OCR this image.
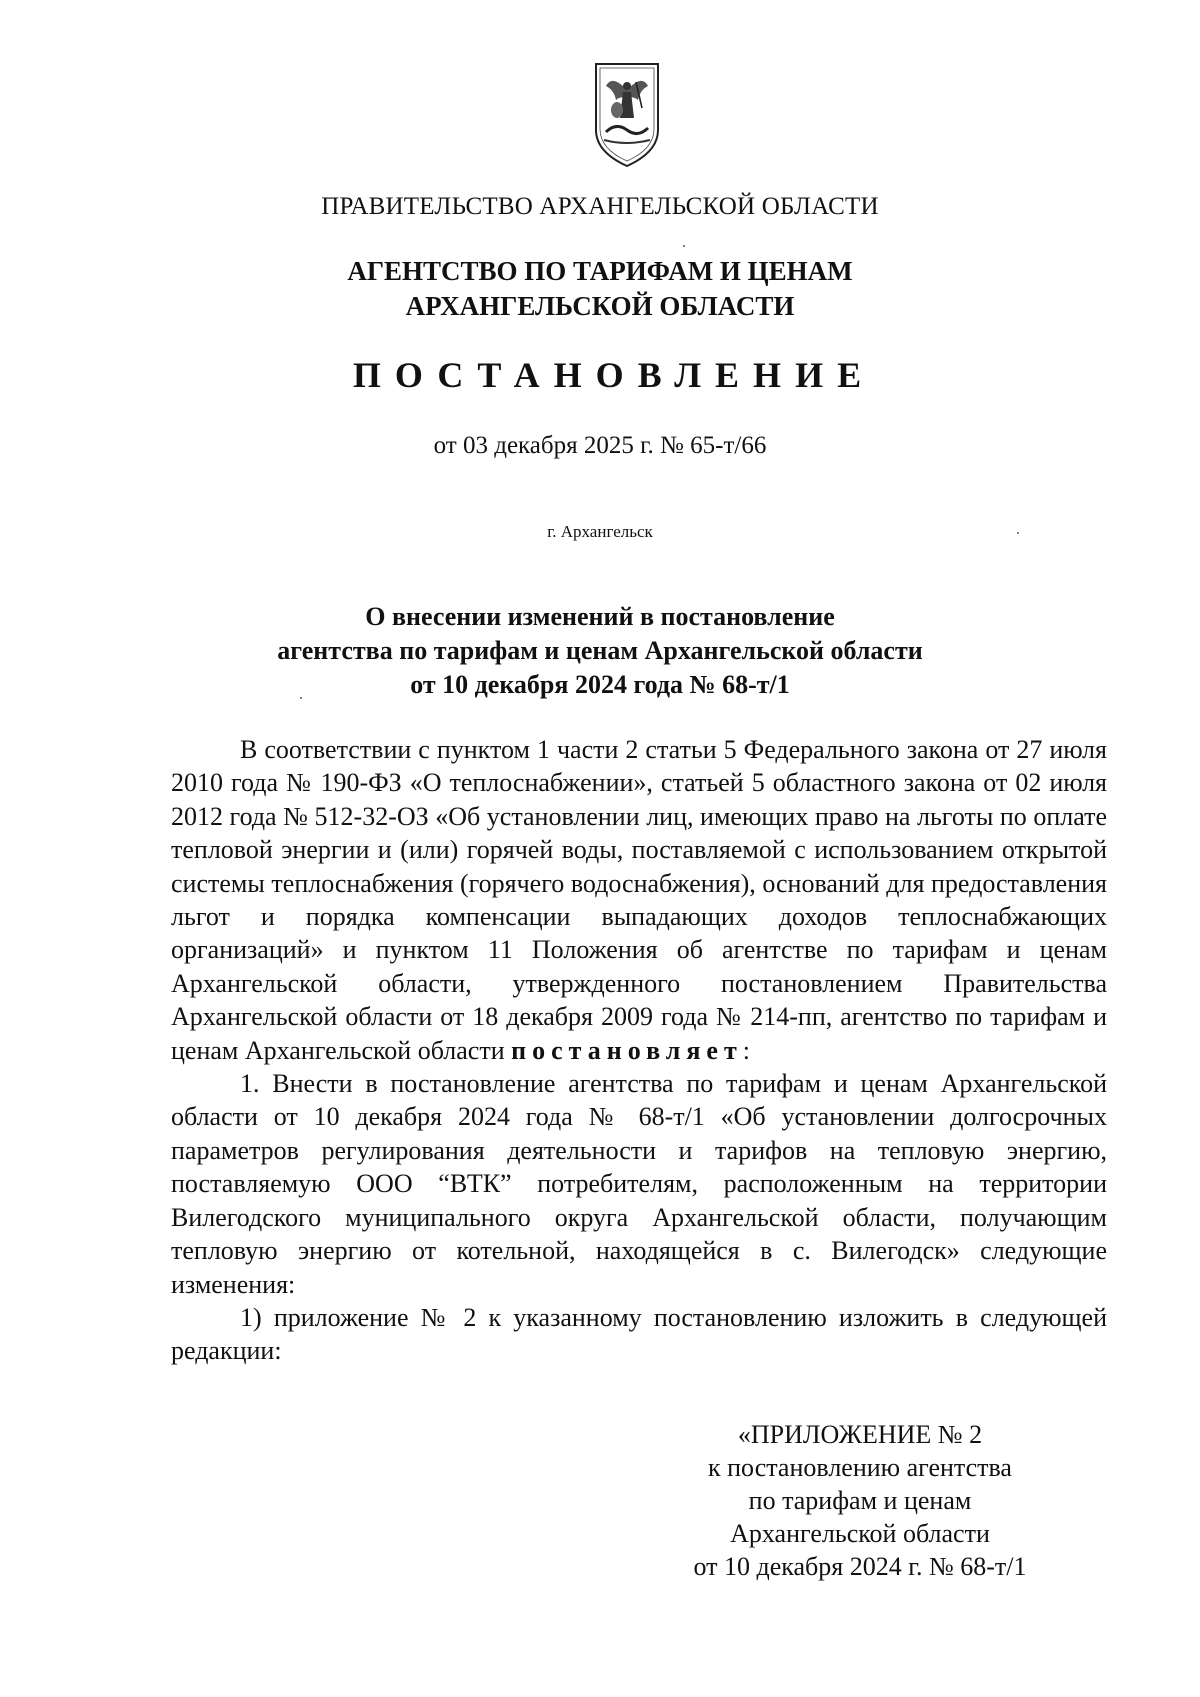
ПРАВИТЕЛЬСТВО АРХАНГЕЛЬСКОЙ ОБЛАСТИ
АГЕНТСТВО ПО ТАРИФАМ И ЦЕНАМ
АРХАНГЕЛЬСКОЙ ОБЛАСТИ
ПОСТАНОВЛЕНИЕ
от 03 декабря 2025 г. № 65-т/66
г. Архангельск
О внесении изменений в постановление
агентства по тарифам и ценам Архангельской области
от 10 декабря 2024 года № 68-т/1

В соответствии с пунктом 1 части 2 статьи 5 Федерального закона от 27 июля 2010 года № 190-ФЗ «О теплоснабжении», статьей 5 областного закона от 02 июля 2012 года № 512-32-ОЗ «Об установлении лиц, имеющих право на льготы по оплате тепловой энергии и (или) горячей воды, поставляемой с использованием открытой системы теплоснабжения (горячего водоснабжения), оснований для предоставления льгот и порядка компенсации выпадающих доходов теплоснабжающих организаций» и пунктом 11 Положения об агентстве по тарифам и ценам Архангельской области, утвержденного постановлением Правительства Архангельской области от 18 декабря 2009 года № 214-пп, агентство по тарифам и ценам Архангельской области постановляет:

1. Внести в постановление агентства по тарифам и ценам Архангельской области от 10 декабря 2024 года № 68-т/1 «Об установлении долгосрочных параметров регулирования деятельности и тарифов на тепловую энергию, поставляемую ООО “ВТК” потребителям, расположенным на территории Вилегодского муниципального округа Архангельской области, получающим тепловую энергию от котельной, находящейся в с. Вилегодск» следующие изменения:

1) приложение № 2 к указанному постановлению изложить в следующей редакции:

«ПРИЛОЖЕНИЕ № 2
к постановлению агентства
по тарифам и ценам
Архангельской области
от 10 декабря 2024 г. № 68-т/1
